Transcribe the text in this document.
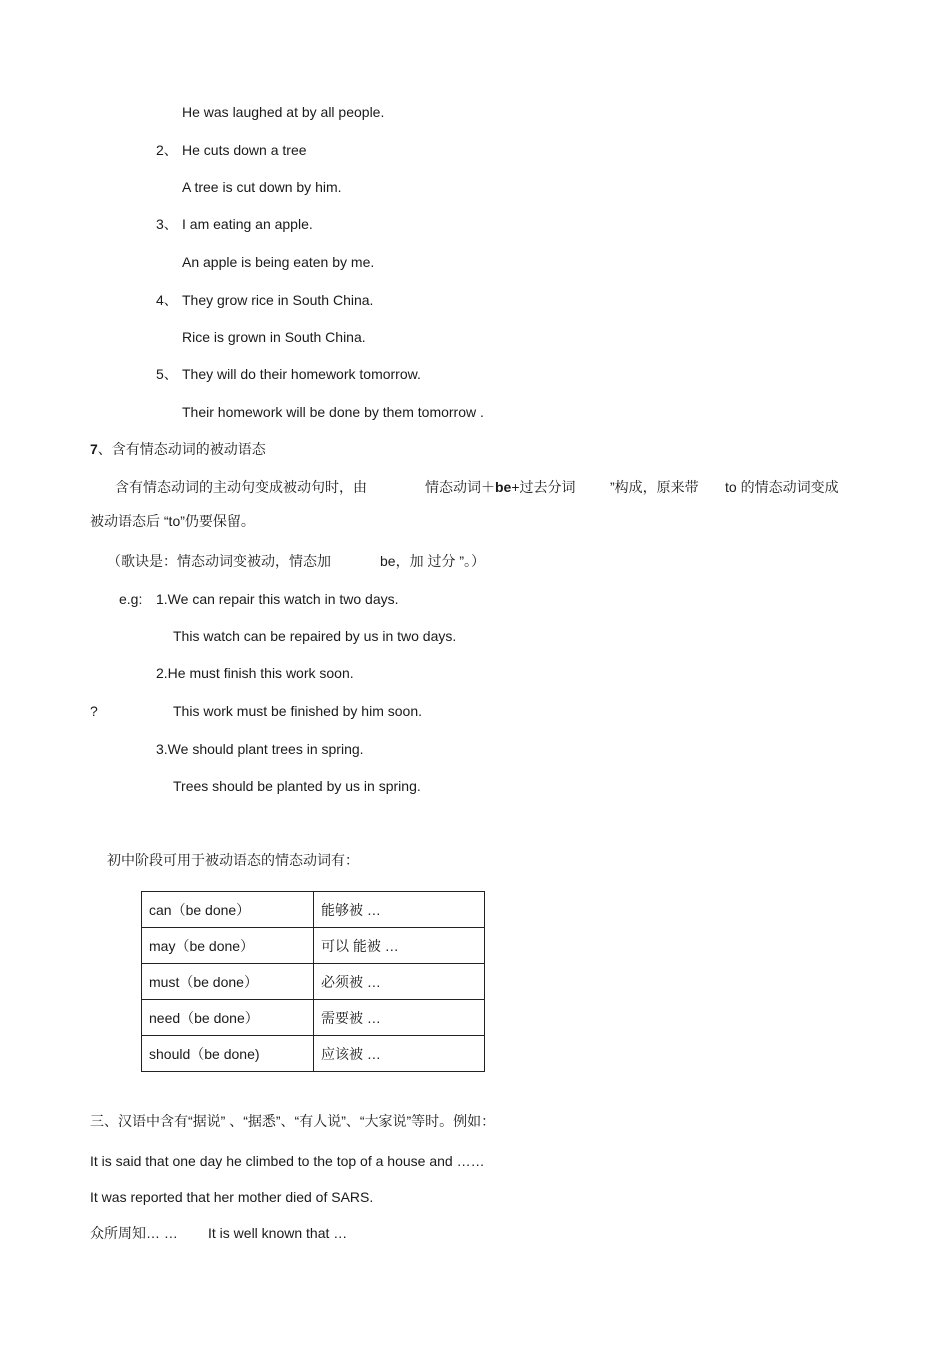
He was laughed at by all people.
2、 He cuts down a tree
A tree is cut down by him.
3、 I am eating an apple.
An apple is being eaten by me.
4、 They grow rice in South China.
Rice is grown in South China.
5、 They will do their homework tomorrow.
Their homework will be done by them tomorrow .
7、含有情态动词的被动语态
含有情态动词的主动句变成被动句时，由	情态动词＋be+过去分词 ”构成，原来带 to 的情态动词变成
被动语态后 “to”仍要保留。
（歌诀是：情态动词变被动，情态加	be，加 过分 ”。）
e.g: 1.We can repair this watch in two days.
This watch can be repaired by us in two days.
2.He must finish this work soon.
?	This work must be finished by him soon.
3.We should plant trees in spring.
Trees should be planted by us in spring.
初中阶段可用于被动语态的情态动词有：
can（be done）	能够被 …
may（be done）	可以 能被 …
must（be done）	必须被 …
need（be done）	需要被 …
should（be done)	应该被 …
三、汉语中含有“据说” 、“据悉”、“有人说”、“大家说”等时。例如：
It is said that one day he climbed to the top of a house and ……
It was reported that her mother died of SARS.
众所周知… … It is well known that …
